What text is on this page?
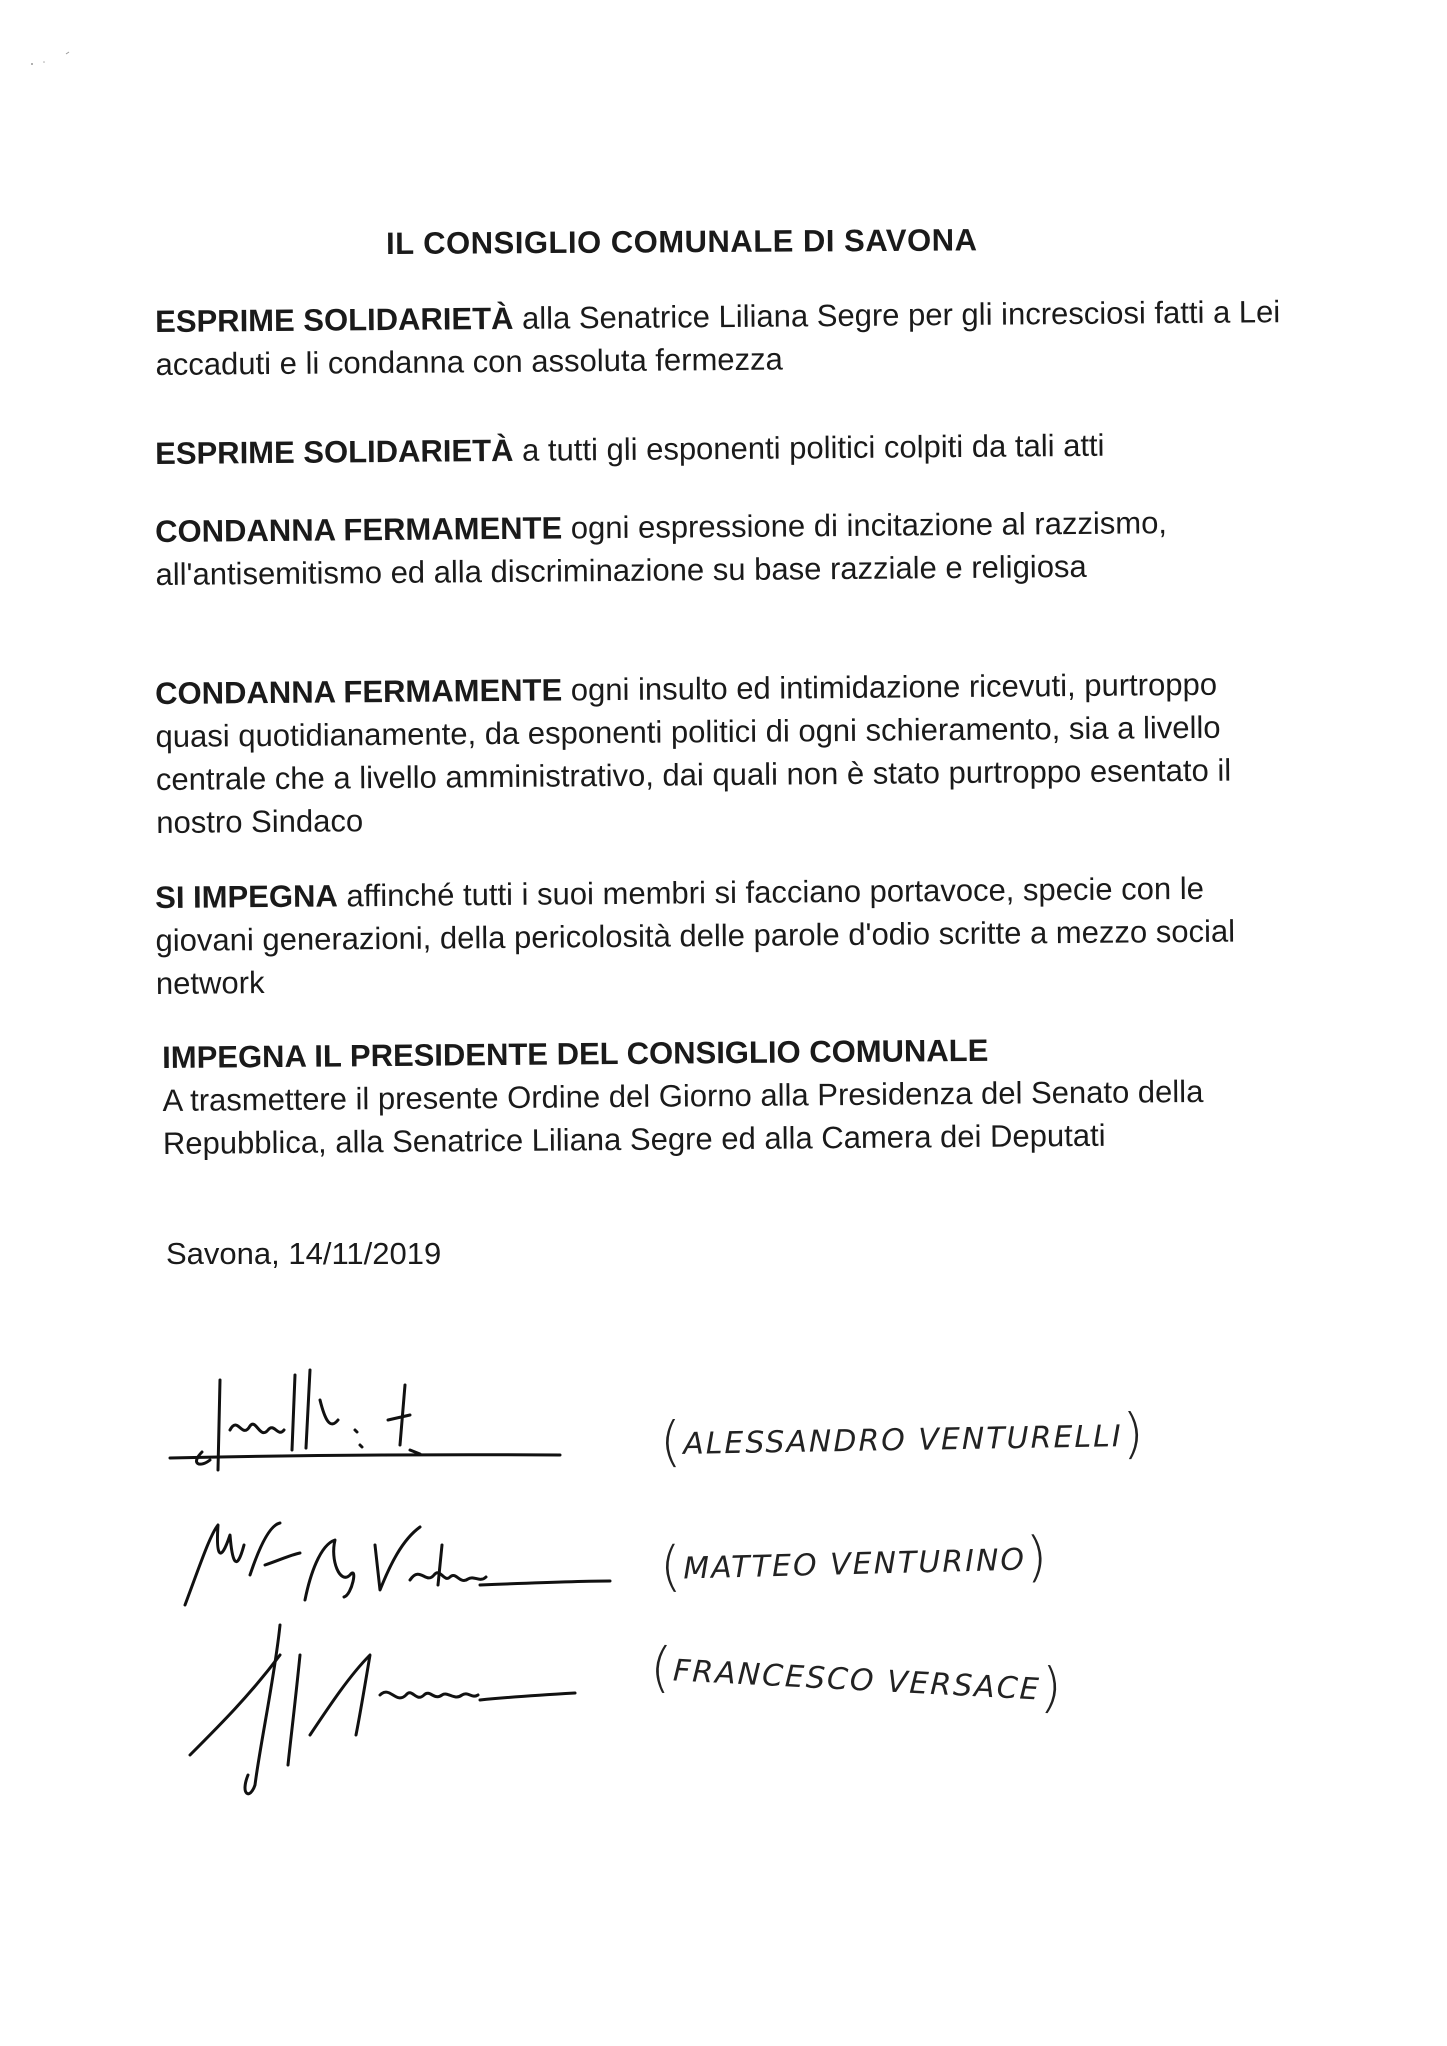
IL CONSIGLIO COMUNALE DI SAVONA
ESPRIME SOLIDARIETÀ alla Senatrice Liliana Segre per gli incresciosi fatti a Lei accaduti e li condanna con assoluta fermezza
ESPRIME SOLIDARIETÀ a tutti gli esponenti politici colpiti da tali atti
CONDANNA FERMAMENTE ogni espressione di incitazione al razzismo, all'antisemitismo ed alla discriminazione su base razziale e religiosa
CONDANNA FERMAMENTE ogni insulto ed intimidazione ricevuti, purtroppo quasi quotidianamente, da esponenti politici di ogni schieramento, sia a livello centrale che a livello amministrativo, dai quali non è stato purtroppo esentato il nostro Sindaco
SI IMPEGNA affinché tutti i suoi membri si facciano portavoce, specie con le giovani generazioni, della pericolosità delle parole d'odio scritte a mezzo social network
IMPEGNA IL PRESIDENTE DEL CONSIGLIO COMUNALE
A trasmettere il presente Ordine del Giorno alla Presidenza del Senato della Repubblica, alla Senatrice Liliana Segre ed alla Camera dei Deputati
Savona, 14/11/2019
(ALESSANDRO VENTURELLI)
(MATTEO VENTURINO)
(FRANCESCO VERSACE)
